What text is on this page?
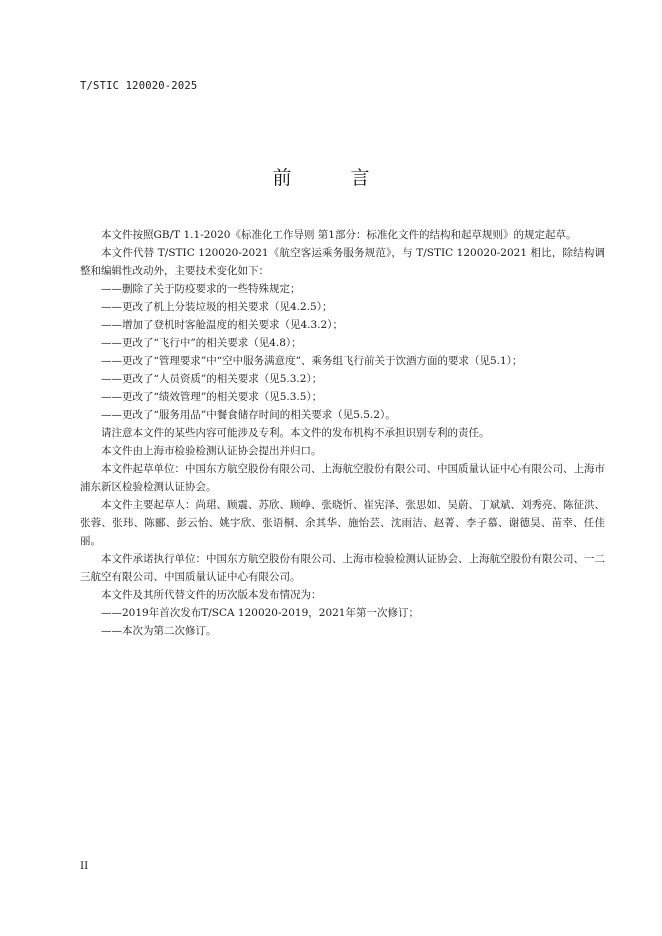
T/STIC 120020-2025
前　言

本文件按照GB/T 1.1-2020《标准化工作导则 第1部分：标准化文件的结构和起草规则》的规定起草。

本文件代替 T/STIC 120020-2021《航空客运乘务服务规范》，与 T/STIC 120020-2021 相比，除结构调整和编辑性改动外，主要技术变化如下：

——删除了关于防疫要求的一些特殊规定；

——更改了机上分装垃圾的相关要求（见4.2.5）；

——增加了登机时客舱温度的相关要求（见4.3.2）；

——更改了“飞行中”的相关要求（见4.8）；

——更改了“管理要求”中“空中服务满意度”、乘务组飞行前关于饮酒方面的要求（见5.1）；

——更改了“人员资质”的相关要求（见5.3.2）；

——更改了“绩效管理”的相关要求（见5.3.5）；

——更改了“服务用品”中餐食储存时间的相关要求（见5.5.2）。

请注意本文件的某些内容可能涉及专利。本文件的发布机构不承担识别专利的责任。

本文件由上海市检验检测认证协会提出并归口。

本文件起草单位：中国东方航空股份有限公司、上海航空股份有限公司、中国质量认证中心有限公司、上海市浦东新区检验检测认证协会。

本文件主要起草人：尚珺、顾震、苏欣、顾峥、张晓忻、崔宪泽、张思如、吴蔚、丁斌斌、刘秀亮、陈征洪、张蓉、张玮、陈郦、彭云怡、姚宇欣、张语桐、余其华、施怡芸、沈雨洁、赵菁、李子慕、谢德昊、苗幸、任佳丽。

本文件承诺执行单位：中国东方航空股份有限公司、上海市检验检测认证协会、上海航空股份有限公司、一二三航空有限公司、中国质量认证中心有限公司。

本文件及其所代替文件的历次版本发布情况为：

——2019年首次发布T/SCA 120020-2019，2021年第一次修订；

——本次为第二次修订。

II
